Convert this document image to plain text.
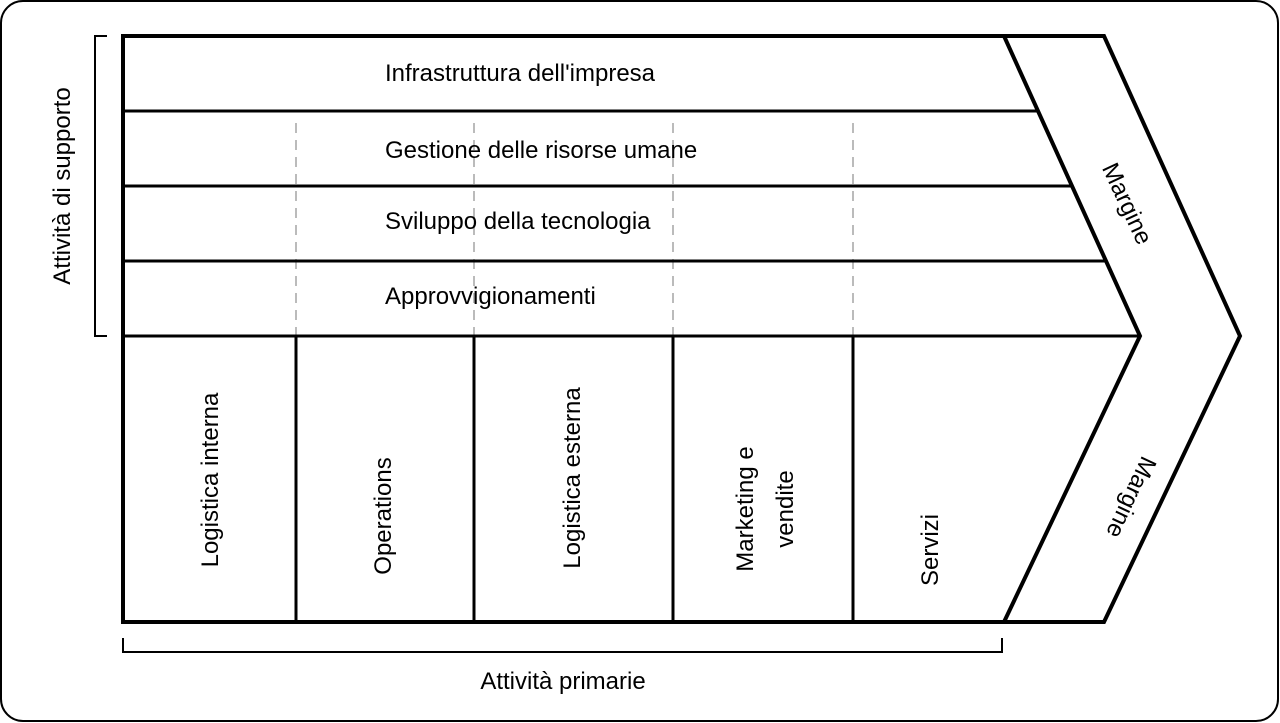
Infrastruttura dell'impresa
Gestione delle risorse umane
Sviluppo della tecnologia
Approvvigionamenti
Attività di supporto
Attività primarie
Logistica interna	Operations	Logistica esterna	Marketing e vendite
Servizi
Margine
Margine
